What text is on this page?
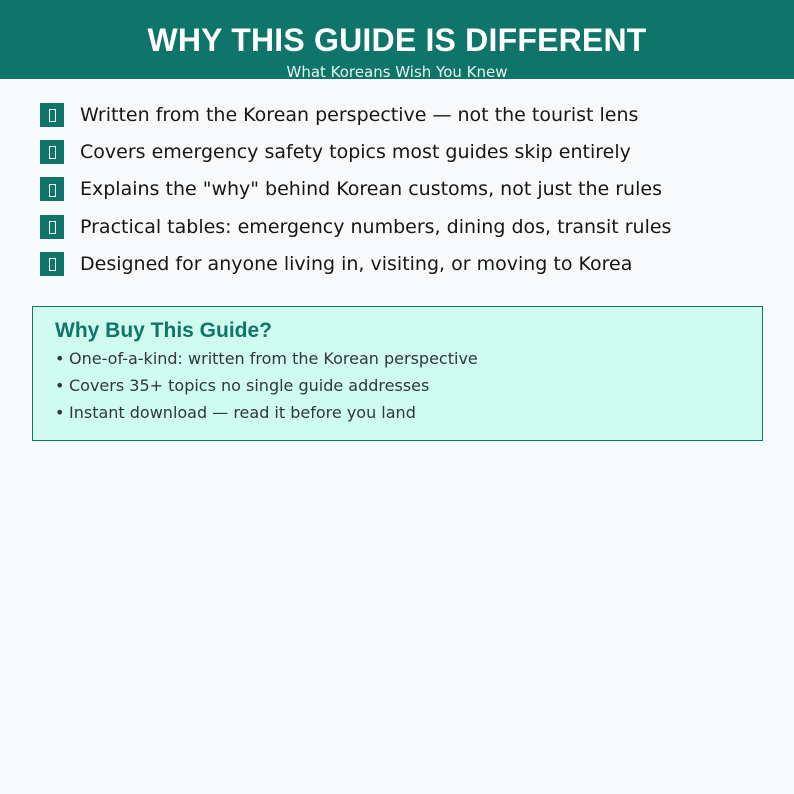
WHY THIS GUIDE IS DIFFERENT
What Koreans Wish You Knew
Written from the Korean perspective — not the tourist lens
Covers emergency safety topics most guides skip entirely
Explains the "why" behind Korean customs, not just the rules
Practical tables: emergency numbers, dining dos, transit rules
Designed for anyone living in, visiting, or moving to Korea
Why Buy This Guide?
• One-of-a-kind: written from the Korean perspective
• Covers 35+ topics no single guide addresses
• Instant download — read it before you land
